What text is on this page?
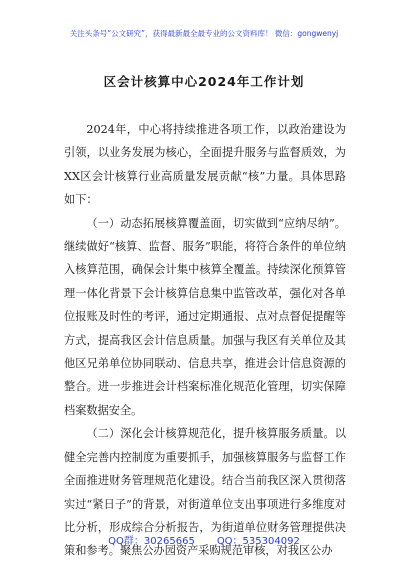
关注头条号“公文研究”，获得最新最全最专业的公文资料库！ 微信：gongwenyj
区会计核算中心2024年工作计划

2024年，中心将持续推进各项工作，以政治建设为引领，以业务发展为核心，全面提升服务与监督质效，为XX区会计核算行业高质量发展贡献“核”力量。具体思路如下：

（一）动态拓展核算覆盖面，切实做到“应纳尽纳”。继续做好“核算、监督、服务”职能，将符合条件的单位纳入核算范围，确保会计集中核算全覆盖。持续深化预算管理一体化背景下会计核算信息集中监管改革，强化对各单位报账及时性的考评，通过定期通报、点对点督促提醒等方式，提高我区会计信息质量。加强与我区有关单位及其他区兄弟单位协同联动、信息共享，推进会计信息资源的整合。进一步推进会计档案标准化规范化管理，切实保障档案数据安全。

（二）深化会计核算规范化，提升核算服务质量。以健全完善内控制度为重要抓手，加强核算服务与监督工作全面推进财务管理规范化建设。结合当前我区深入贯彻落实过“紧日子”的背景，对街道单位支出事项进行多维度对比分析，形成综合分析报告，为街道单位财务管理提供决策和参考。聚焦公办园资产采购规范审核，对我区公办

QQ群：30265665 QQ：535304092
